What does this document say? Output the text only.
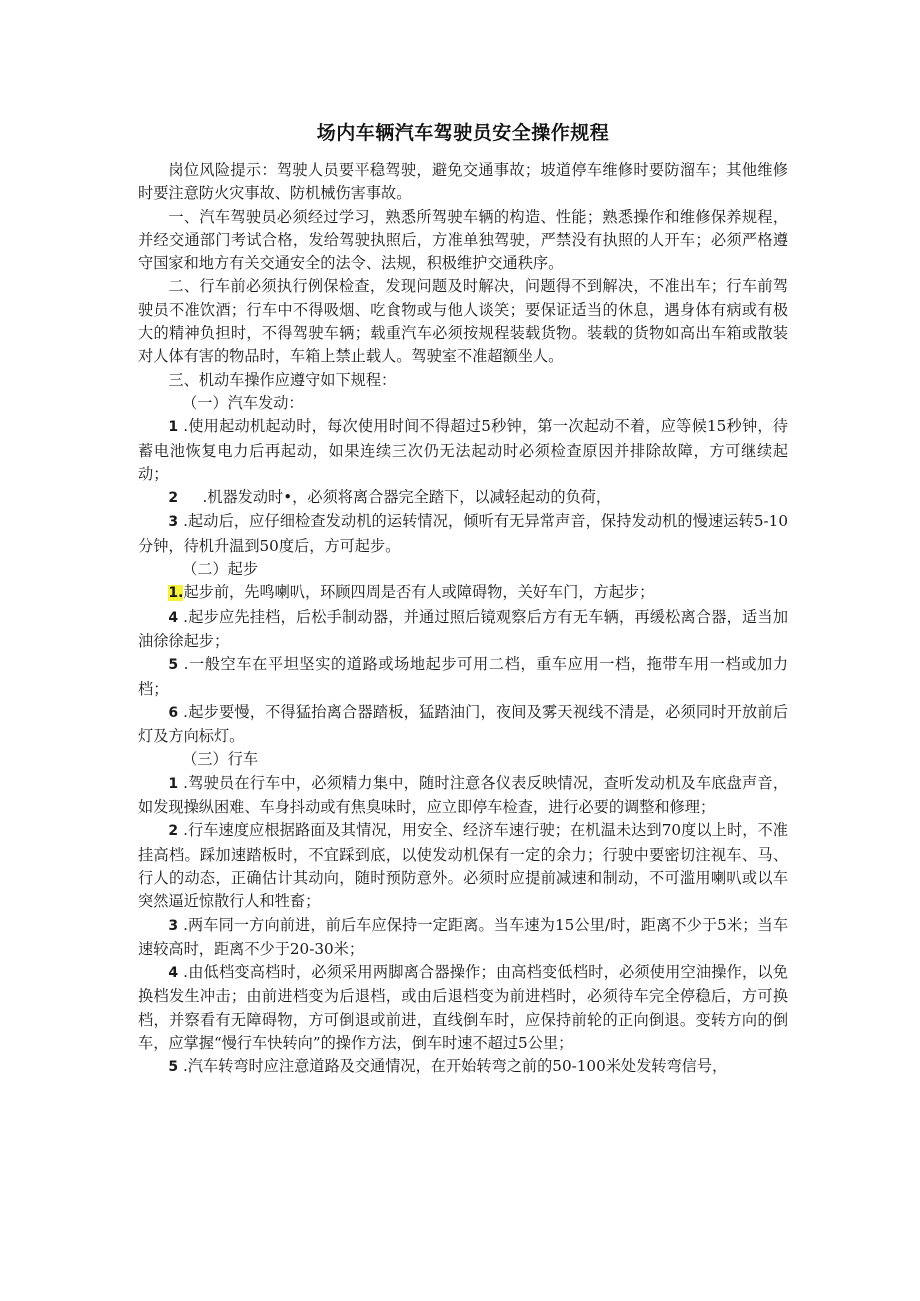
场内车辆汽车驾驶员安全操作规程

岗位风险提示：驾驶人员要平稳驾驶，避免交通事故；坡道停车维修时要防溜车；其他维修时要注意防火灾事故、防机械伤害事故。

一、汽车驾驶员必须经过学习，熟悉所驾驶车辆的构造、性能；熟悉操作和维修保养规程，并经交通部门考试合格，发给驾驶执照后，方准单独驾驶，严禁没有执照的人开车；必须严格遵守国家和地方有关交通安全的法令、法规，积极维护交通秩序。

二、行车前必须执行例保检查，发现问题及时解决，问题得不到解决，不准出车；行车前驾驶员不准饮酒；行车中不得吸烟、吃食物或与他人谈笑；要保证适当的休息，遇身体有病或有极大的精神负担时，不得驾驶车辆；载重汽车必须按规程装载货物。装载的货物如高出车箱或散装对人体有害的物品时，车箱上禁止载人。驾驶室不准超额坐人。

三、机动车操作应遵守如下规程：

（一）汽车发动：

1 .使用起动机起动时，每次使用时间不得超过5秒钟，第一次起动不着，应等候15秒钟，待蓄电池恢复电力后再起动，如果连续三次仍无法起动时必须检查原因并排除故障，方可继续起动；

2 .机器发动时•，必须将离合器完全踏下，以减轻起动的负荷，

3 .起动后，应仔细检查发动机的运转情况，倾听有无异常声音，保持发动机的慢速运转5-10分钟，待机升温到50度后，方可起步。

（二）起步

1.起步前，先鸣喇叭，环顾四周是否有人或障碍物，关好车门，方起步；

4 .起步应先挂档，后松手制动器，并通过照后镜观察后方有无车辆，再缓松离合器，适当加油徐徐起步；

5 .一般空车在平坦坚实的道路或场地起步可用二档，重车应用一档，拖带车用一档或加力档；

6 .起步要慢，不得猛抬离合器踏板，猛踏油门，夜间及雾天视线不清是，必须同时开放前后灯及方向标灯。

（三）行车

1 .驾驶员在行车中，必须精力集中，随时注意各仪表反映情况，查听发动机及车底盘声音，如发现操纵困难、车身抖动或有焦臭味时，应立即停车检查，进行必要的调整和修理；

2 .行车速度应根据路面及其情况，用安全、经济车速行驶；在机温未达到70度以上时，不准挂高档。踩加速踏板时，不宜踩到底，以使发动机保有一定的余力；行驶中要密切注视车、马、行人的动态，正确估计其动向，随时预防意外。必须时应提前减速和制动，不可滥用喇叭或以车突然逼近惊散行人和牲畜；

3 .两车同一方向前进，前后车应保持一定距离。当车速为15公里/时，距离不少于5米；当车速较高时，距离不少于20-30米；

4 .由低档变高档时，必须采用两脚离合器操作；由高档变低档时，必须使用空油操作，以免换档发生冲击；由前进档变为后退档，或由后退档变为前进档时，必须待车完全停稳后，方可换档，并察看有无障碍物，方可倒退或前进，直线倒车时，应保持前轮的正向倒退。变转方向的倒车，应掌握“慢行车快转向”的操作方法，倒车时速不超过5公里；

5 .汽车转弯时应注意道路及交通情况，在开始转弯之前的50-100米处发转弯信号，
